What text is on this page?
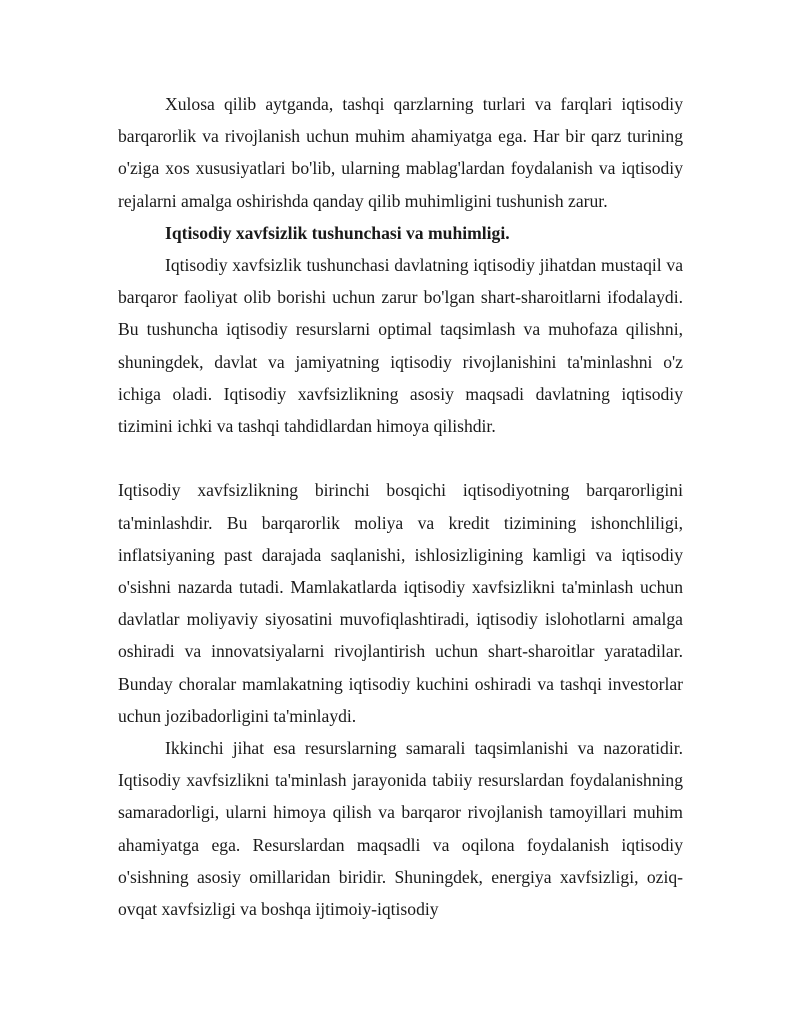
Xulosa qilib aytganda, tashqi qarzlarning turlari va farqlari iqtisodiy barqarorlik va rivojlanish uchun muhim ahamiyatga ega. Har bir qarz turining o'ziga xos xususiyatlari bo'lib, ularning mablag'lardan foydalanish va iqtisodiy rejalarni amalga oshirishda qanday qilib muhimligini tushunish zarur.

Iqtisodiy xavfsizlik tushunchasi va muhimligi.

Iqtisodiy xavfsizlik tushunchasi davlatning iqtisodiy jihatdan mustaqil va barqaror faoliyat olib borishi uchun zarur bo'lgan shart-sharoitlarni ifodalaydi. Bu tushuncha iqtisodiy resurslarni optimal taqsimlash va muhofaza qilishni, shuningdek, davlat va jamiyatning iqtisodiy rivojlanishini ta'minlashni o'z ichiga oladi. Iqtisodiy xavfsizlikning asosiy maqsadi davlatning iqtisodiy tizimini ichki va tashqi tahdidlardan himoya qilishdir.

Iqtisodiy xavfsizlikning birinchi bosqichi iqtisodiyotning barqarorligini ta'minlashdir. Bu barqarorlik moliya va kredit tizimining ishonchliligi, inflatsiyaning past darajada saqlanishi, ishlosizligining kamligi va iqtisodiy o'sishni nazarda tutadi. Mamlakatlarda iqtisodiy xavfsizlikni ta'minlash uchun davlatlar moliyaviy siyosatini muvofiqlashtiradi, iqtisodiy islohotlarni amalga oshiradi va innovatsiyalarni rivojlantirish uchun shart-sharoitlar yaratadilar. Bunday choralar mamlakatning iqtisodiy kuchini oshiradi va tashqi investorlar uchun jozibadorligini ta'minlaydi.

Ikkinchi jihat esa resurslarning samarali taqsimlanishi va nazoratidir. Iqtisodiy xavfsizlikni ta'minlash jarayonida tabiiy resurslardan foydalanishning samaradorligi, ularni himoya qilish va barqaror rivojlanish tamoyillari muhim ahamiyatga ega. Resurslardan maqsadli va oqilona foydalanish iqtisodiy o'sishning asosiy omillaridan biridir. Shuningdek, energiya xavfsizligi, oziq-ovqat xavfsizligi va boshqa ijtimoiy-iqtisodiy
